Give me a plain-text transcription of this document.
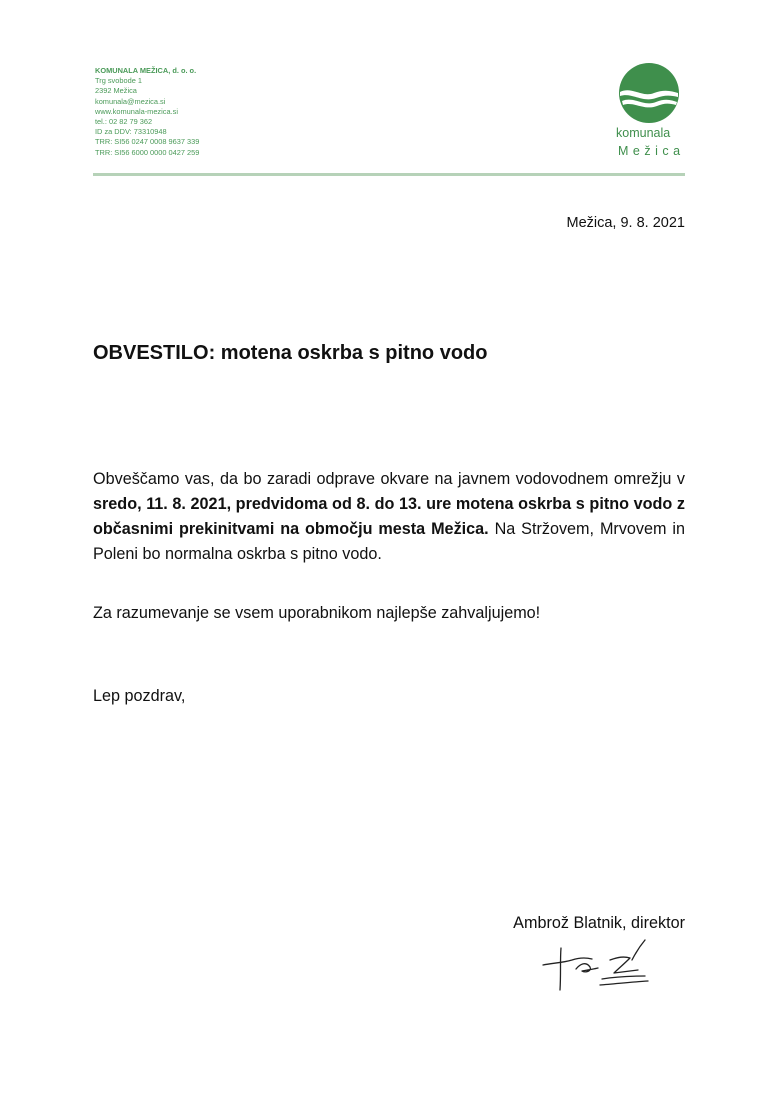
KOMUNALA MEŽICA, d. o. o.
Trg svobode 1
2392 Mežica
komunala@mezica.si
www.komunala-mezica.si
tel.: 02 82 79 362
ID za DDV: 73310948
TRR: SI56 0247 0008 9637 339
TRR: SI56 6000 0000 0427 259
komunala
Mežica
Mežica, 9. 8. 2021
OBVESTILO: motena oskrba s pitno vodo

Obveščamo vas, da bo zaradi odprave okvare na javnem vodovodnem omrežju v sredo, 11. 8. 2021, predvidoma od 8. do 13. ure motena oskrba s pitno vodo z občasnimi prekinitvami na območju mesta Mežica. Na Stržovem, Mrvovem in Poleni bo normalna oskrba s pitno vodo.

Za razumevanje se vsem uporabnikom najlepše zahvaljujemo!

Lep pozdrav,

Ambrož Blatnik, direktor
